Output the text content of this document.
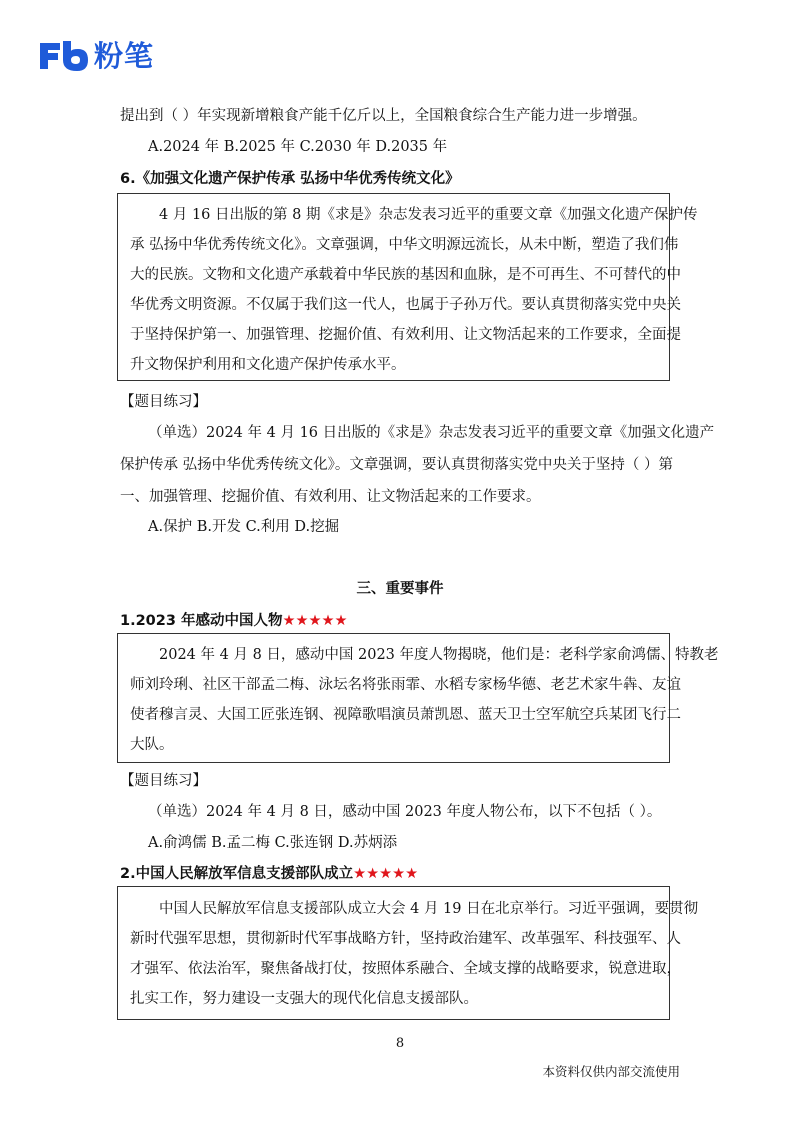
粉笔
提出到（ ）年实现新增粮食产能千亿斤以上，全国粮食综合生产能力进一步增强。
A.2024 年 B.2025 年 C.2030 年 D.2035 年
6.《加强文化遗产保护传承 弘扬中华优秀传统文化》

　　4 月 16 日出版的第 8 期《求是》杂志发表习近平的重要文章《加强文化遗产保护传

承 弘扬中华优秀传统文化》。文章强调，中华文明源远流长，从未中断，塑造了我们伟

大的民族。文物和文化遗产承载着中华民族的基因和血脉，是不可再生、不可替代的中

华优秀文明资源。不仅属于我们这一代人，也属于子孙万代。要认真贯彻落实党中央关

于坚持保护第一、加强管理、挖掘价值、有效利用、让文物活起来的工作要求，全面提

升文物保护利用和文化遗产保护传承水平。

【题目练习】
（单选）2024 年 4 月 16 日出版的《求是》杂志发表习近平的重要文章《加强文化遗产
保护传承 弘扬中华优秀传统文化》。文章强调，要认真贯彻落实党中央关于坚持（ ）第
一、加强管理、挖掘价值、有效利用、让文物活起来的工作要求。
A.保护 B.开发 C.利用 D.挖掘
三、重要事件
1.2023 年感动中国人物★★★★★

　　2024 年 4 月 8 日，感动中国 2023 年度人物揭晓，他们是：老科学家俞鸿儒、特教老

师刘玲琍、社区干部孟二梅、泳坛名将张雨霏、水稻专家杨华德、老艺术家牛犇、友谊

使者穆言灵、大国工匠张连钢、视障歌唱演员萧凯恩、蓝天卫士空军航空兵某团飞行二

大队。

【题目练习】
（单选）2024 年 4 月 8 日，感动中国 2023 年度人物公布，以下不包括（ ）。
A.俞鸿儒 B.孟二梅 C.张连钢 D.苏炳添
2.中国人民解放军信息支援部队成立★★★★★

　　中国人民解放军信息支援部队成立大会 4 月 19 日在北京举行。习近平强调，要贯彻

新时代强军思想，贯彻新时代军事战略方针，坚持政治建军、改革强军、科技强军、人

才强军、依法治军，聚焦备战打仗，按照体系融合、全域支撑的战略要求，锐意进取，

扎实工作，努力建设一支强大的现代化信息支援部队。

8
本资料仅供内部交流使用
